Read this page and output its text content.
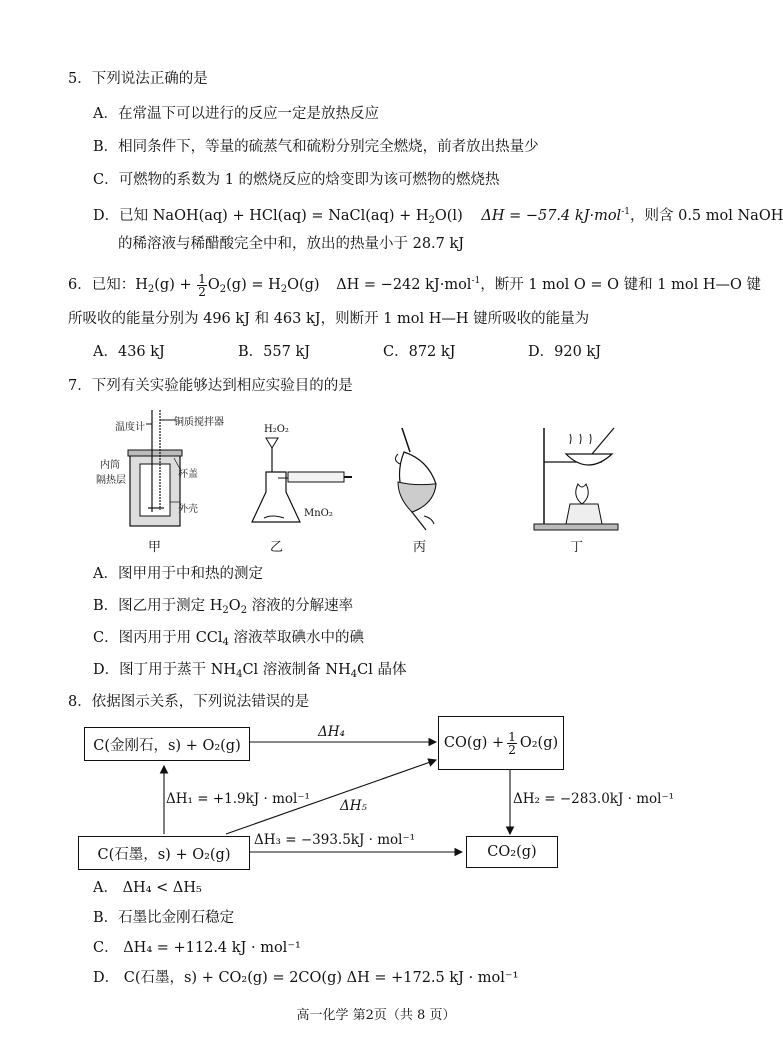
5．下列说法正确的是
A．在常温下可以进行的反应一定是放热反应
B．相同条件下，等量的硫蒸气和硫粉分别完全燃烧，前者放出热量少
C．可燃物的系数为 1 的燃烧反应的焓变即为该可燃物的燃烧热
D．已知 NaOH(aq) + HCl(aq) = NaCl(aq) + $H_2O(l) \Delta H = -57.4$ kJ·mol$^{-1}$，则含 0.5 mol NaOH
的稀溶液与稀醋酸完全中和，放出的热量小于 28.7 kJ
6．已知：$H_2(g) + \frac{1}{2} O_2(g) = H_2O(g) \Delta H = -242$ kJ·mol$^{-1}$，断开 1 mol O = O 键和 1 mol H—O 键
所吸收的能量分别为 496 kJ 和 463 kJ，则断开 1 mol H—H 键所吸收的能量为
A．436 kJ	B．557 kJ	C．872 kJ	D．920 kJ
7．下列有关实验能够达到相应实验目的的是
温度计	铜质搅拌器
内筒
杯盖
隔热层
外壳
H₂O₂
MnO₂
甲	乙	丙	丁
A．图甲用于中和热的测定
B．图乙用于测定 $H_2O_2$ 溶液的分解速率
C．图丙用于用 CCl$_4$ 溶液萃取碘水中的碘
D．图丁用于蒸干 $NH_4Cl$ 溶液制备 $NH_4Cl$ 晶体
8．依据图示关系，下列说法错误的是
C(金刚石，s) + O₂(g)	$CO(g) + \frac{1}{2} O_2(g)$
C(石墨，s) + O₂(g)	CO₂(g)
ΔH₄
ΔH₅
ΔH₁ = +1.9kJ · mol⁻¹	ΔH₂ = −283.0kJ · mol⁻¹
ΔH₃ = −393.5kJ · mol⁻¹
A． ΔH₄ < ΔH₅
B．石墨比金刚石稳定
C． ΔH₄ = +112.4 kJ · mol⁻¹
D． C(石墨，s) + CO₂(g) = 2CO(g) ΔH = +172.5 kJ · mol⁻¹
高一化学 第2页（共 8 页）
